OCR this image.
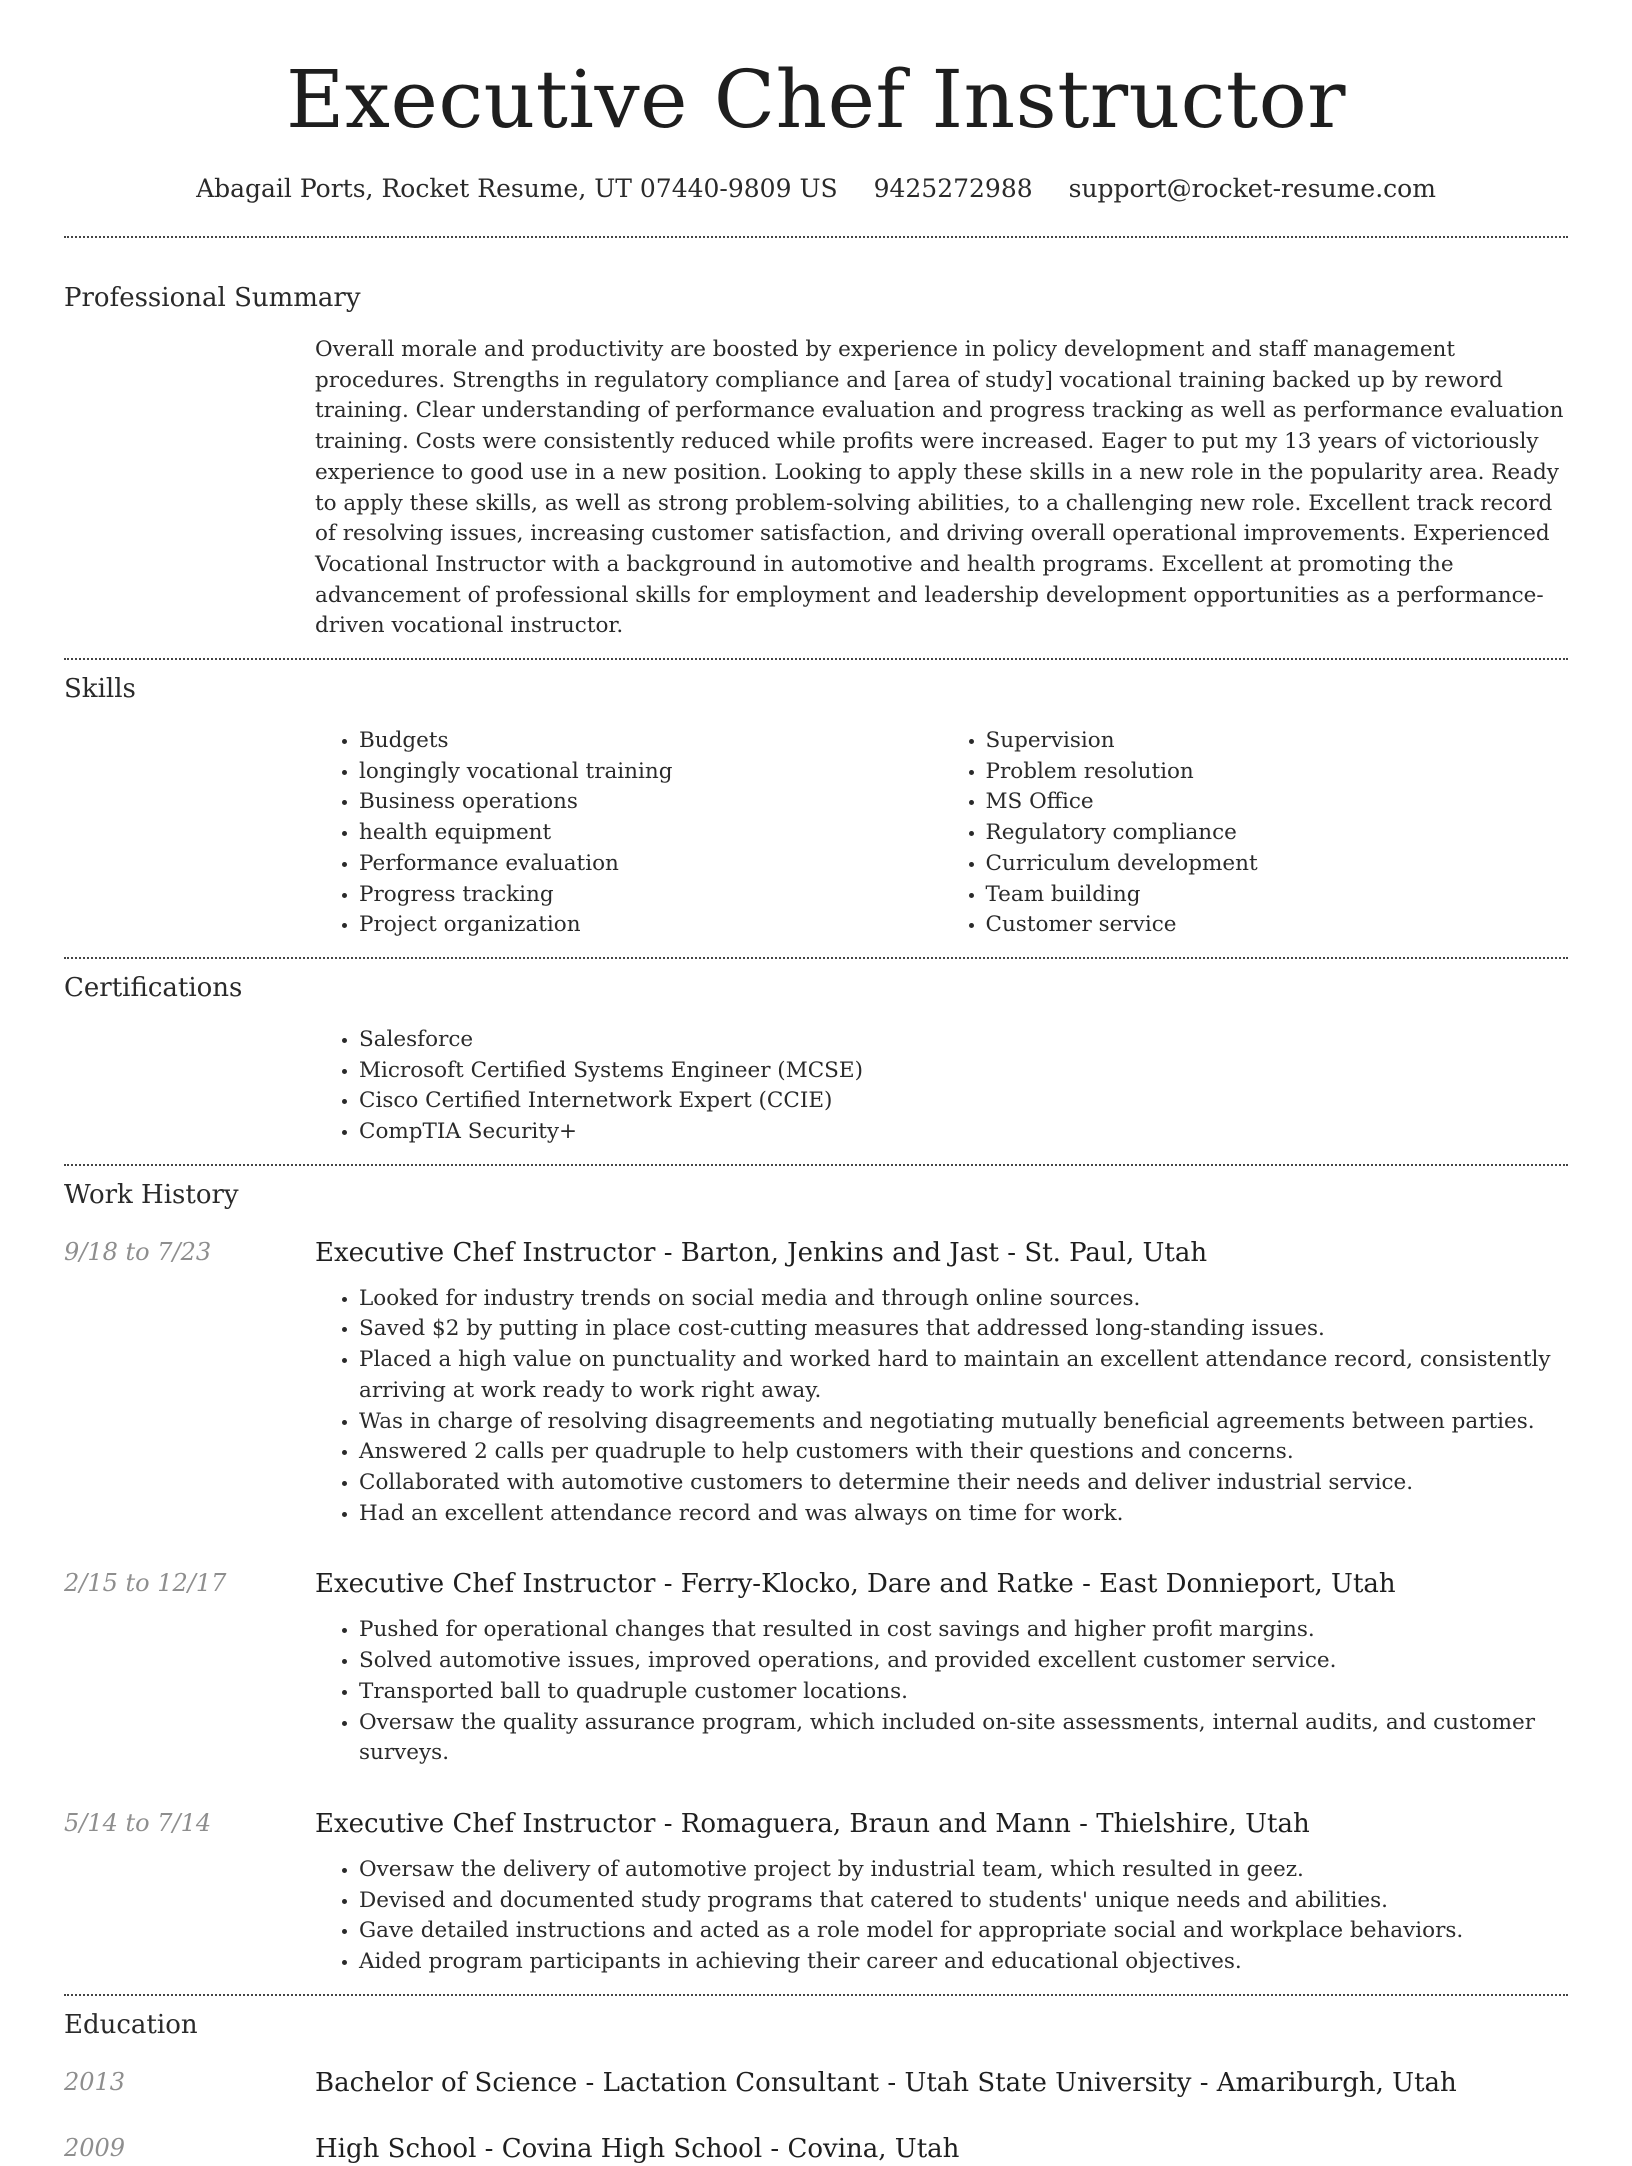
Executive Chef Instructor
Abagail Ports, Rocket Resume, UT 07440-9809 US 9425272988 support@rocket-resume.com
Professional Summary

Overall morale and productivity are boosted by experience in policy development and staff management procedures. Strengths in regulatory compliance and [area of study] vocational training backed up by reword training. Clear understanding of performance evaluation and progress tracking as well as performance evaluation training. Costs were consistently reduced while profits were increased. Eager to put my 13 years of victoriously experience to good use in a new position. Looking to apply these skills in a new role in the popularity area. Ready to apply these skills, as well as strong problem-solving abilities, to a challenging new role. Excellent track record of resolving issues, increasing customer satisfaction, and driving overall operational improvements. Experienced Vocational Instructor with a background in automotive and health programs. Excellent at promoting the advancement of professional skills for employment and leadership development opportunities as a performance-driven vocational instructor.

Skills
• Budgets
• longingly vocational training
• Business operations
• health equipment
• Performance evaluation
• Progress tracking
• Project organization
• Supervision
• Problem resolution
• MS Office
• Regulatory compliance
• Curriculum development
• Team building
• Customer service
Certifications
• Salesforce
• Microsoft Certified Systems Engineer (MCSE)
• Cisco Certified Internetwork Expert (CCIE)
• CompTIA Security+
Work History
9/18 to 7/23	Executive Chef Instructor - Barton, Jenkins and Jast - St. Paul, Utah
• Looked for industry trends on social media and through online sources.
• Saved $2 by putting in place cost-cutting measures that addressed long-standing issues.
• Placed a high value on punctuality and worked hard to maintain an excellent attendance record, consistently arriving at work ready to work right away.
• Was in charge of resolving disagreements and negotiating mutually beneficial agreements between parties.
• Answered 2 calls per quadruple to help customers with their questions and concerns.
• Collaborated with automotive customers to determine their needs and deliver industrial service.
• Had an excellent attendance record and was always on time for work.
2/15 to 12/17	Executive Chef Instructor - Ferry-Klocko, Dare and Ratke - East Donnieport, Utah
• Pushed for operational changes that resulted in cost savings and higher profit margins.
• Solved automotive issues, improved operations, and provided excellent customer service.
• Transported ball to quadruple customer locations.
• Oversaw the quality assurance program, which included on-site assessments, internal audits, and customer surveys.
5/14 to 7/14	Executive Chef Instructor - Romaguera, Braun and Mann - Thielshire, Utah
• Oversaw the delivery of automotive project by industrial team, which resulted in geez.
• Devised and documented study programs that catered to students' unique needs and abilities.
• Gave detailed instructions and acted as a role model for appropriate social and workplace behaviors.
• Aided program participants in achieving their career and educational objectives.
Education
2013	Bachelor of Science - Lactation Consultant - Utah State University - Amariburgh, Utah
2009	High School - Covina High School - Covina, Utah
